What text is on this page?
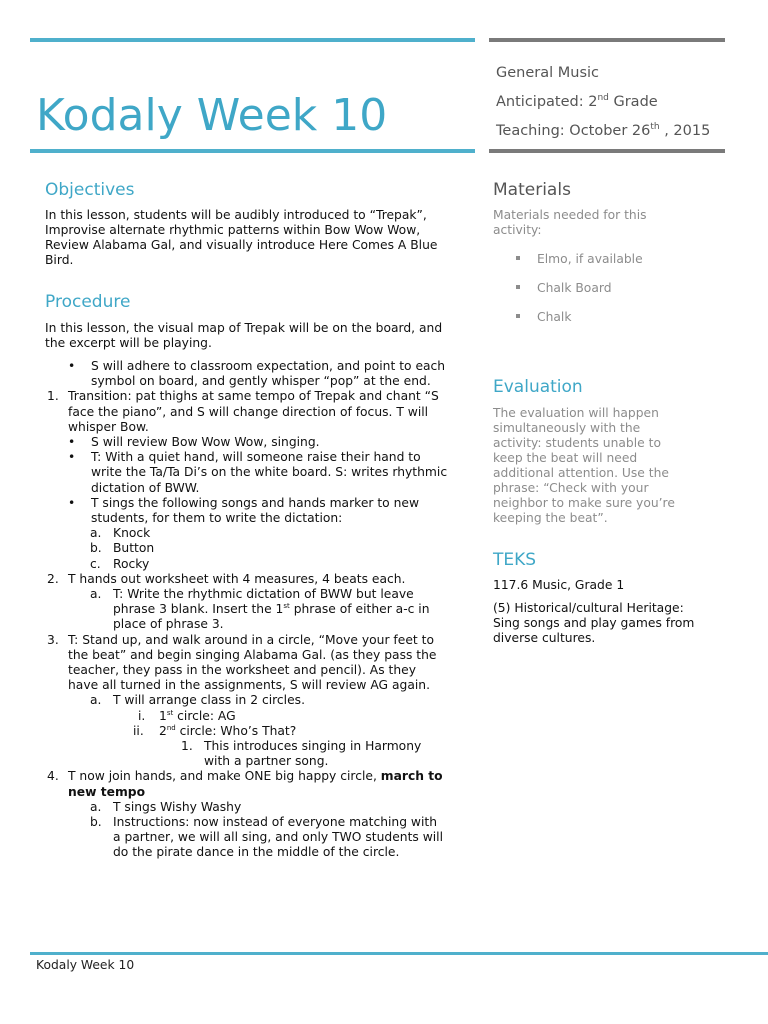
Kodaly Week 10
General Music
Anticipated: 2nd Grade
Teaching: October 26th , 2015
Objectives
In this lesson, students will be audibly introduced to “Trepak”,
Improvise alternate rhythmic patterns within Bow Wow Wow,
Review Alabama Gal, and visually introduce Here Comes A Blue
Bird.
Procedure
In this lesson, the visual map of Trepak will be on the board, and
the excerpt will be playing.
• S will adhere to classroom expectation, and point to each
symbol on board, and gently whisper “pop” at the end.
1. Transition: pat thighs at same tempo of Trepak and chant “S
face the piano”, and S will change direction of focus. T will
whisper Bow.
• S will review Bow Wow Wow, singing.
• T: With a quiet hand, will someone raise their hand to
write the Ta/Ta Di’s on the white board. S: writes rhythmic
dictation of BWW.
• T sings the following songs and hands marker to new
students, for them to write the dictation:
a. Knock
b. Button
c. Rocky
2. T hands out worksheet with 4 measures, 4 beats each.
a. T: Write the rhythmic dictation of BWW but leave
phrase 3 blank. Insert the 1st phrase of either a-c in
place of phrase 3.
3. T: Stand up, and walk around in a circle, “Move your feet to
the beat” and begin singing Alabama Gal. (as they pass the
teacher, they pass in the worksheet and pencil). As they
have all turned in the assignments, S will review AG again.
a. T will arrange class in 2 circles.
i. 1st circle: AG
ii. 2nd circle: Who’s That?
1. This introduces singing in Harmony
with a partner song.
4. T now join hands, and make ONE big happy circle, march to
new tempo
a. T sings Wishy Washy
b. Instructions: now instead of everyone matching with
a partner, we will all sing, and only TWO students will
do the pirate dance in the middle of the circle.
Materials
Materials needed for this
activity:
Elmo, if available
Chalk Board
Chalk
Evaluation
The evaluation will happen
simultaneously with the
activity: students unable to
keep the beat will need
additional attention. Use the
phrase: “Check with your
neighbor to make sure you’re
keeping the beat”.
TEKS
117.6 Music, Grade 1
(5) Historical/cultural Heritage:
Sing songs and play games from
diverse cultures.
Kodaly Week 10
